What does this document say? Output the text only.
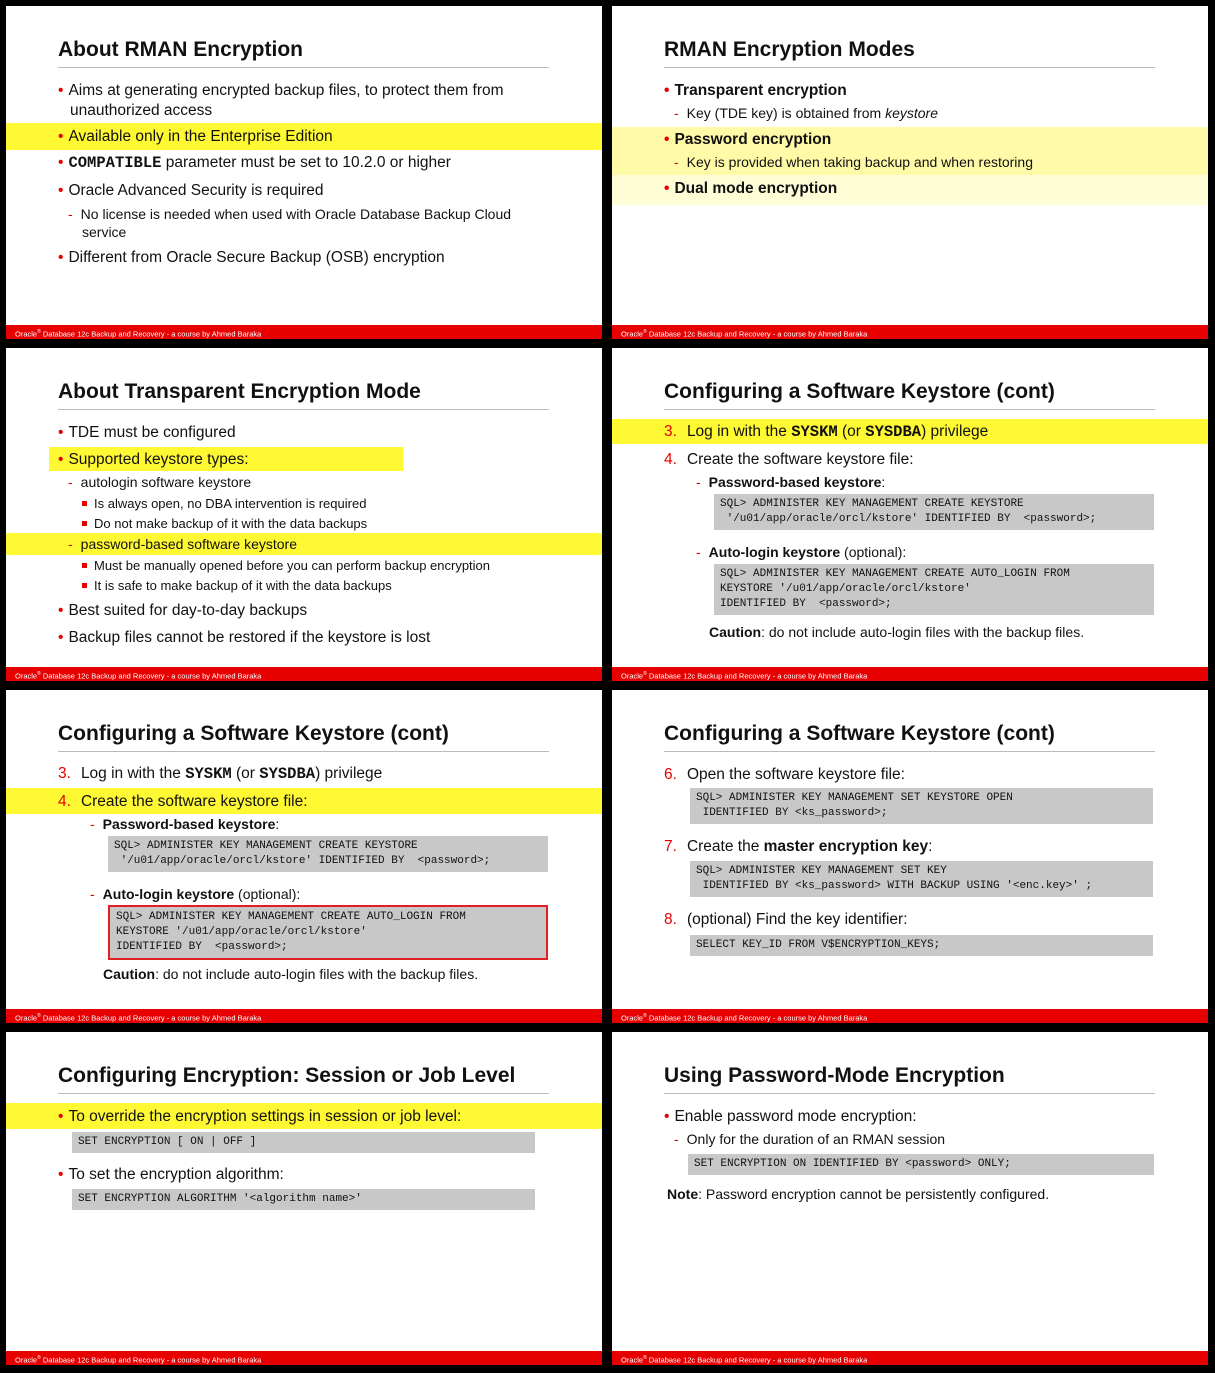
About RMAN Encryption
• Aims at generating encrypted backup files, to protect them from
unauthorized access
• Available only in the Enterprise Edition
• COMPATIBLE parameter must be set to 10.2.0 or higher
• Oracle Advanced Security is required
- No license is needed when used with Oracle Database Backup Cloud
service
• Different from Oracle Secure Backup (OSB) encryption
Oracle® Database 12c Backup and Recovery - a course by Ahmed Baraka
RMAN Encryption Modes
• Transparent encryption
- Key (TDE key) is obtained from keystore
• Password encryption
- Key is provided when taking backup and when restoring
• Dual mode encryption
Oracle® Database 12c Backup and Recovery - a course by Ahmed Baraka
About Transparent Encryption Mode
• TDE must be configured
• Supported keystore types:
- autologin software keystore
Is always open, no DBA intervention is required
Do not make backup of it with the data backups
- password-based software keystore
Must be manually opened before you can perform backup encryption
It is safe to make backup of it with the data backups
• Best suited for day-to-day backups
• Backup files cannot be restored if the keystore is lost
Oracle® Database 12c Backup and Recovery - a course by Ahmed Baraka
Configuring a Software Keystore (cont)
3. Log in with the SYSKM (or SYSDBA) privilege
4. Create the software keystore file:
- Password-based keystore:
SQL> ADMINISTER KEY MANAGEMENT CREATE KEYSTORE
'/u01/app/oracle/orcl/kstore' IDENTIFIED BY  <password>;
- Auto-login keystore (optional):
SQL> ADMINISTER KEY MANAGEMENT CREATE AUTO_LOGIN FROM
KEYSTORE '/u01/app/oracle/orcl/kstore'
IDENTIFIED BY  <password>;
Caution: do not include auto-login files with the backup files.
Oracle® Database 12c Backup and Recovery - a course by Ahmed Baraka
Configuring a Software Keystore (cont)
3. Log in with the SYSKM (or SYSDBA) privilege
4. Create the software keystore file:
- Password-based keystore:
SQL> ADMINISTER KEY MANAGEMENT CREATE KEYSTORE
'/u01/app/oracle/orcl/kstore' IDENTIFIED BY  <password>;
- Auto-login keystore (optional):
SQL> ADMINISTER KEY MANAGEMENT CREATE AUTO_LOGIN FROM
KEYSTORE '/u01/app/oracle/orcl/kstore'
IDENTIFIED BY  <password>;
Caution: do not include auto-login files with the backup files.
Oracle® Database 12c Backup and Recovery - a course by Ahmed Baraka
Configuring a Software Keystore (cont)
6. Open the software keystore file:
SQL> ADMINISTER KEY MANAGEMENT SET KEYSTORE OPEN
IDENTIFIED BY <ks_password>;
7. Create the master encryption key:
SQL> ADMINISTER KEY MANAGEMENT SET KEY
IDENTIFIED BY <ks_password> WITH BACKUP USING '<enc.key>' ;
8. (optional) Find the key identifier:
SELECT KEY_ID FROM V$ENCRYPTION_KEYS;
Oracle® Database 12c Backup and Recovery - a course by Ahmed Baraka
Configuring Encryption: Session or Job Level
• To override the encryption settings in session or job level:
SET ENCRYPTION [ ON | OFF ]
• To set the encryption algorithm:
SET ENCRYPTION ALGORITHM '<algorithm name>'
Oracle® Database 12c Backup and Recovery - a course by Ahmed Baraka
Using Password-Mode Encryption
• Enable password mode encryption:
- Only for the duration of an RMAN session
SET ENCRYPTION ON IDENTIFIED BY <password> ONLY;
Note: Password encryption cannot be persistently configured.
Oracle® Database 12c Backup and Recovery - a course by Ahmed Baraka
